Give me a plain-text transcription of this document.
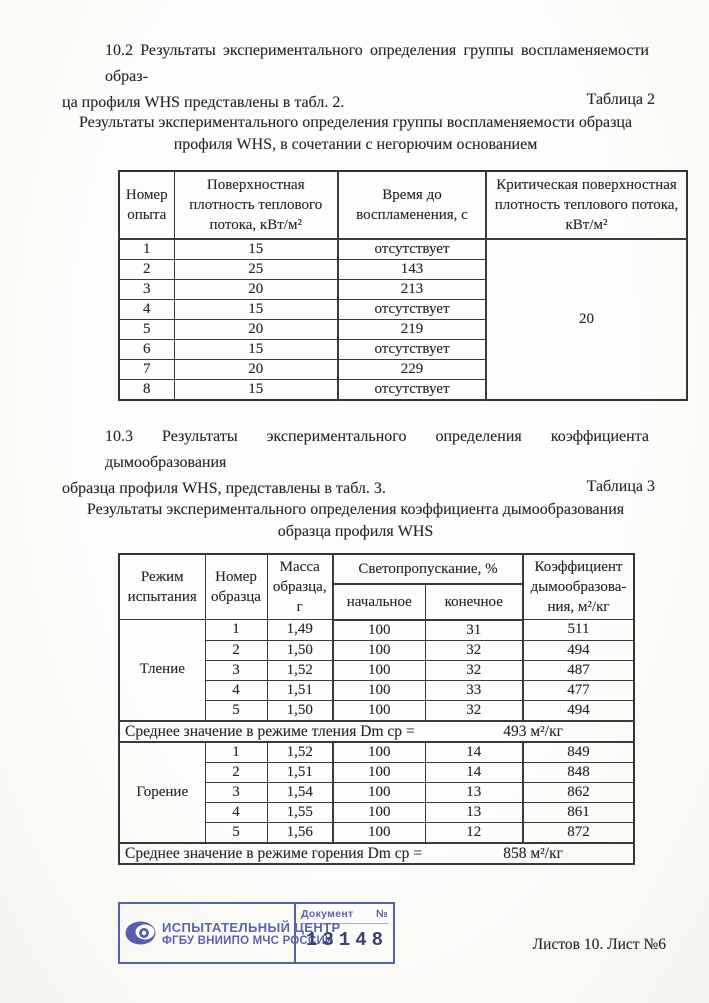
10.2 Результаты экспериментального определения группы воспламеняемости образ-
ца профиля WHS представлены в табл. 2.	Таблица 2
Результаты экспериментального определения группы воспламеняемости образца
профиля WHS, в сочетании с негорючим основанием
Номер опыта	Поверхностная плотность теплового потока, кВт/м²	Время до воспламенения, с	Критическая поверхностная плотность теплового потока, кВт/м²
1	15	отсутствует	20
2	25	143	
3	20	213	
4	15	отсутствует	
5	20	219	
6	15	отсутствует	
7	20	229	
8	15	отсутствует	
10.3 Результаты экспериментального определения коэффициента дымообразования
образца профиля WHS, представлены в табл. 3.	Таблица 3
Результаты экспериментального определения коэффициента дымообразования
образца профиля WHS
Режим испытания	Номер образца	Масса образца, г	Светопропускание, %		Коэффициент дымообразова-ния, м²/кг
			начальное	конечное	
Тление	1	1,49	100	31	511
	2	1,50	100	32	494
	3	1,52	100	32	487
	4	1,51	100	33	477
	5	1,50	100	32	494

Среднее значение в режиме тления Dm ср = 493 м²/кг					

Горение	1	1,52	100	14	849
	2	1,51	100	14	848
	3	1,54	100	13	862
	4	1,55	100	13	861
	5	1,56	100	12	872

Среднее значение в режиме горения Dm ср = 858 м²/кг					
ИСПЫТАТЕЛЬНЫЙ ЦЕНТР
ФГБУ ВНИИПО МЧС РОССИИ
Документ №
13148	Листов 10. Лист №6
